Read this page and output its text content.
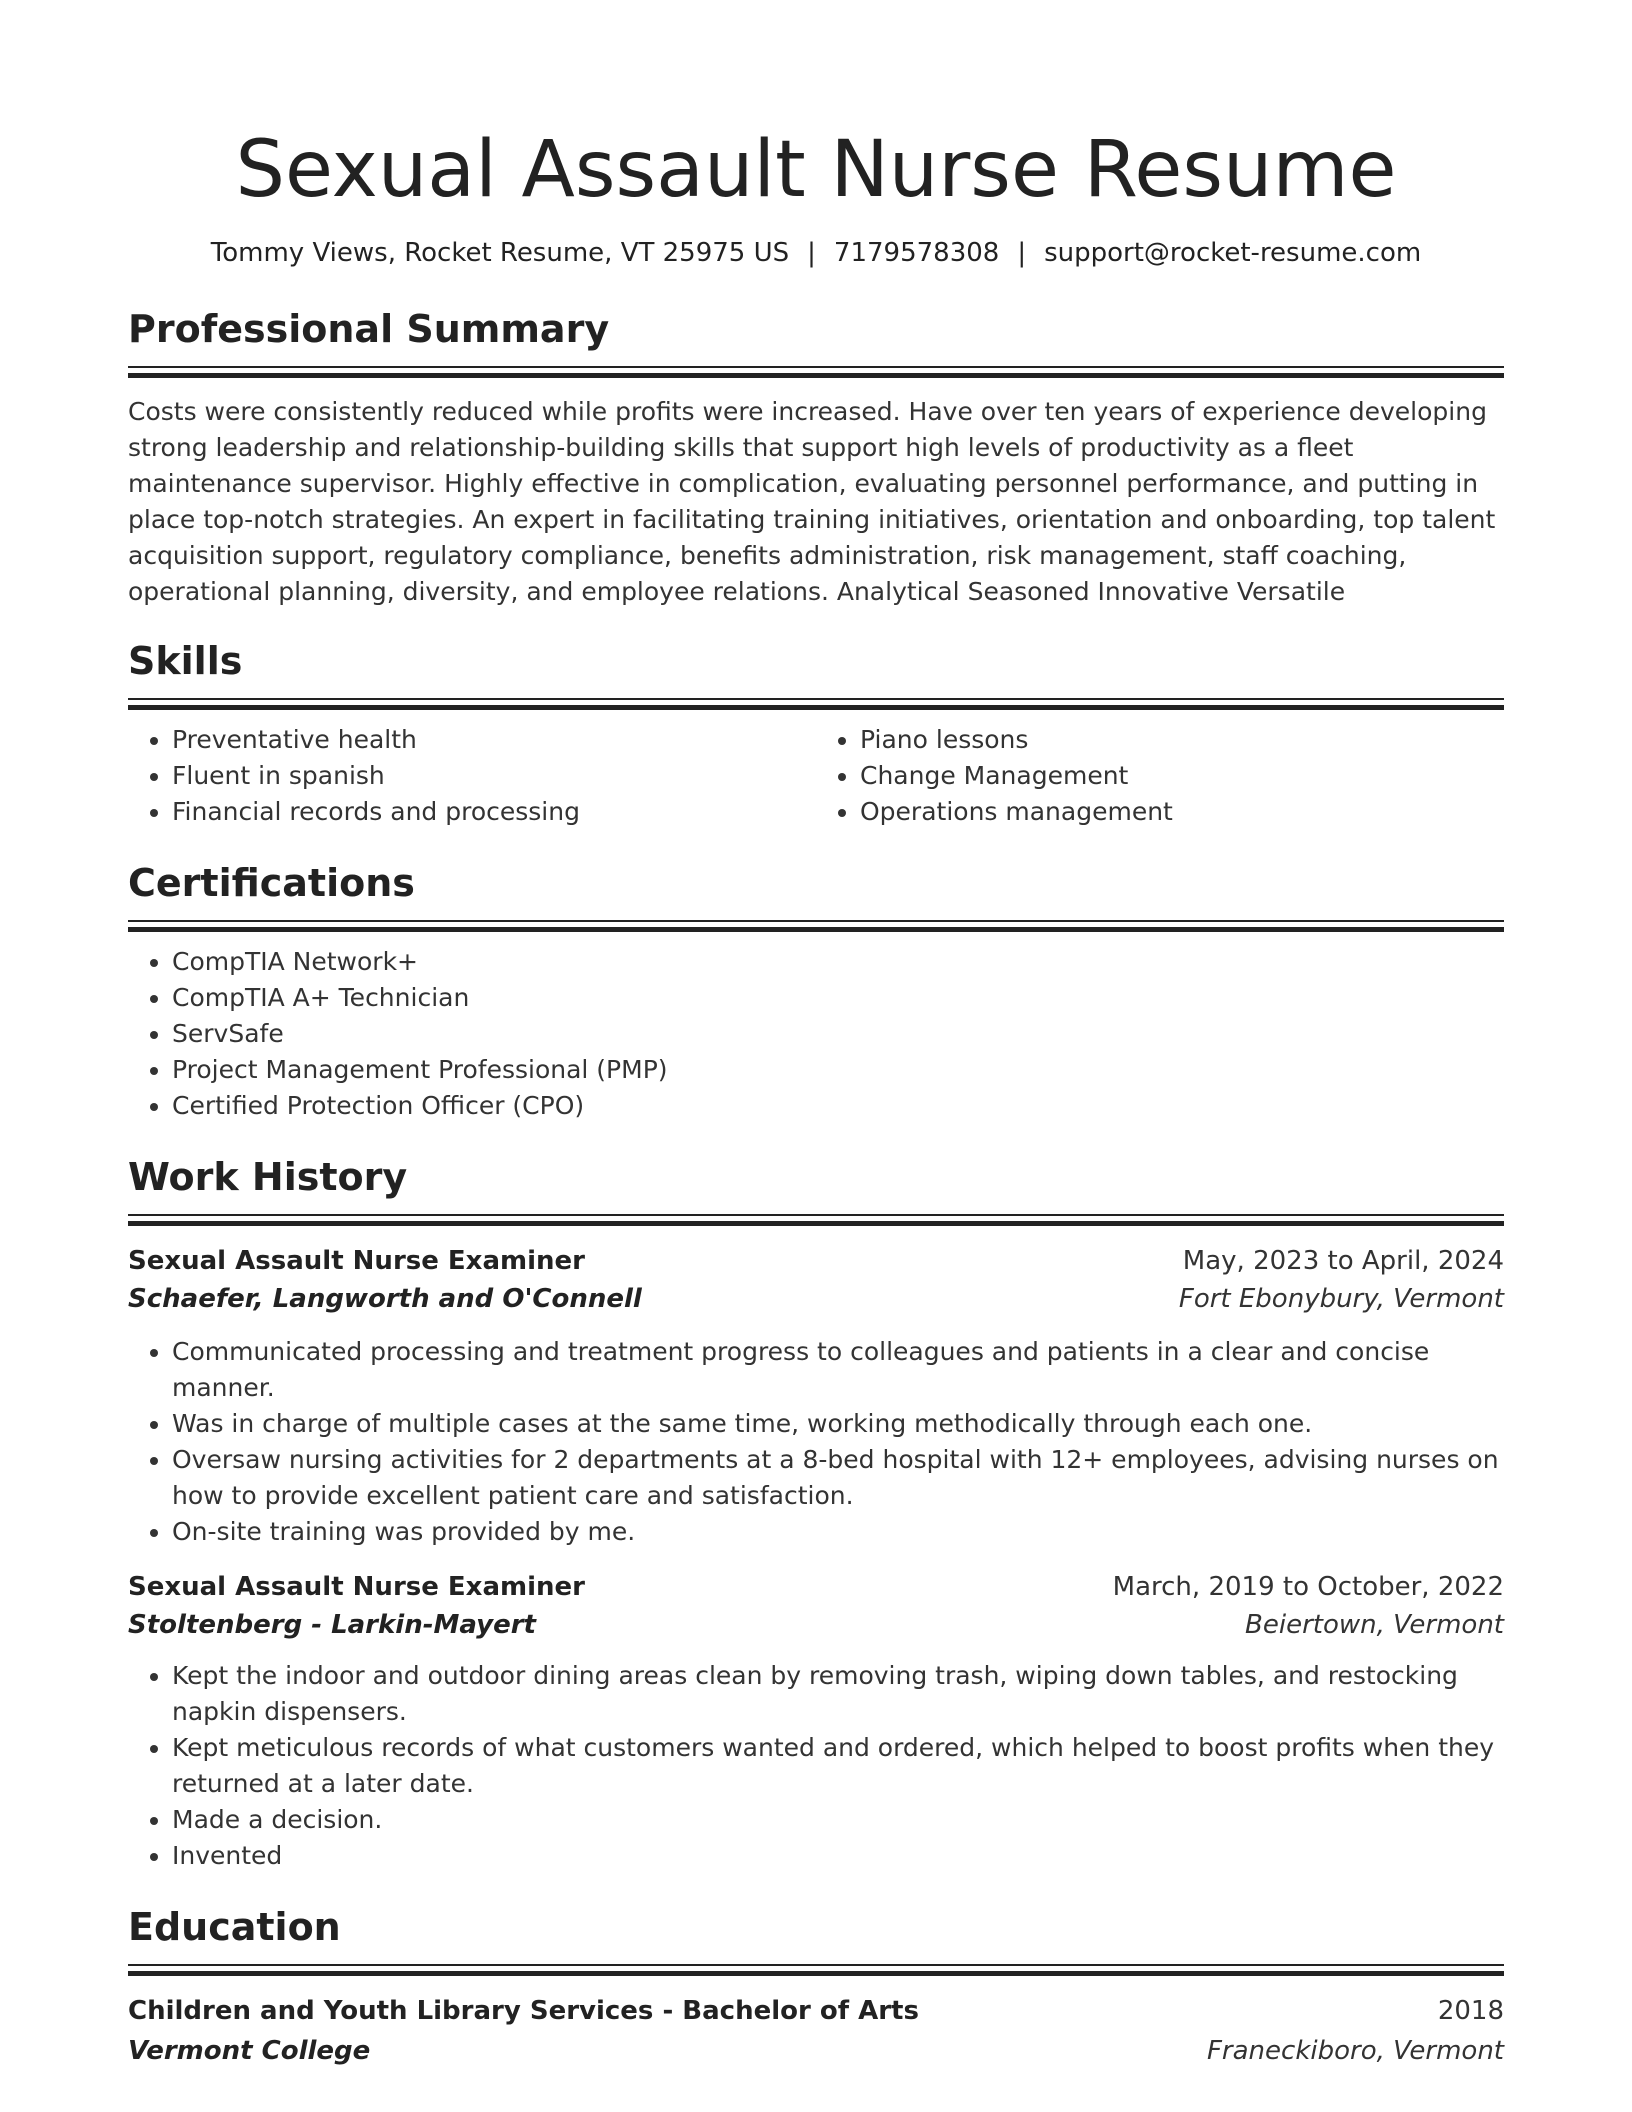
Sexual Assault Nurse Resume
Tommy Views, Rocket Resume, VT 25975 US | 7179578308 | support@rocket-resume.com
Professional Summary

Costs were consistently reduced while profits were increased. Have over ten years of experience developing strong leadership and relationship-building skills that support high levels of productivity as a fleet maintenance supervisor. Highly effective in complication, evaluating personnel performance, and putting in place top-notch strategies. An expert in facilitating training initiatives, orientation and onboarding, top talent acquisition support, regulatory compliance, benefits administration, risk management, staff coaching, operational planning, diversity, and employee relations. Analytical Seasoned Innovative Versatile

Skills
• Preventative health
• Fluent in spanish
• Financial records and processing
• Piano lessons
• Change Management
• Operations management
Certifications
• CompTIA Network+
• CompTIA A+ Technician
• ServSafe
• Project Management Professional (PMP)
• Certified Protection Officer (CPO)
Work History
Sexual Assault Nurse Examiner	May, 2023 to April, 2024
Schaefer, Langworth and O'Connell	Fort Ebonybury, Vermont
• Communicated processing and treatment progress to colleagues and patients in a clear and concise manner.
• Was in charge of multiple cases at the same time, working methodically through each one.
• Oversaw nursing activities for 2 departments at a 8-bed hospital with 12+ employees, advising nurses on how to provide excellent patient care and satisfaction.
• On-site training was provided by me.
Sexual Assault Nurse Examiner	March, 2019 to October, 2022
Stoltenberg - Larkin-Mayert	Beiertown, Vermont
• Kept the indoor and outdoor dining areas clean by removing trash, wiping down tables, and restocking napkin dispensers.
• Kept meticulous records of what customers wanted and ordered, which helped to boost profits when they returned at a later date.
• Made a decision.
• Invented
Education
Children and Youth Library Services - Bachelor of Arts	2018
Vermont College	Franeckiboro, Vermont
